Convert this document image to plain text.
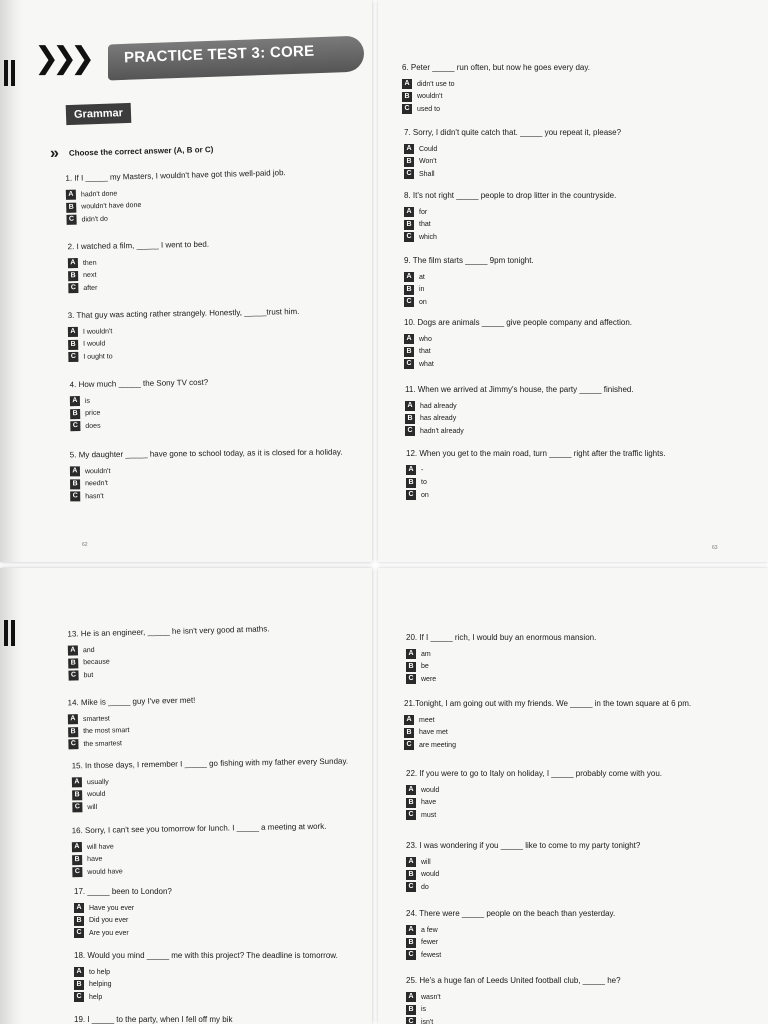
❯
❯
❯ PRACTICE TEST 3: CORE
Grammar
» Choose the correct answer (A, B or C)
1. If I _____ my Masters, I wouldn't have got this well-paid job.
A	hadn't done
B	wouldn't have done
C	didn't do
2. I watched a film, _____ I went to bed.
A	then
B	next
C	after
3. That guy was acting rather strangely. Honestly, _____trust him.
A	I wouldn't
B	I would
C	I ought to
4. How much _____ the Sony TV cost?
A	is
B	price
C	does
5. My daughter _____ have gone to school today, as it is closed for a holiday.
A	wouldn't
B	needn't
C	hasn't
62
6. Peter _____ run often, but now he goes every day.
A	didn't use to
B	wouldn't
C	used to
7. Sorry, I didn't quite catch that. _____ you repeat it, please?
A	Could
B	Won't
C	Shall
8. It's not right _____ people to drop litter in the countryside.
A	for
B	that
C	which
9. The film starts _____ 9pm tonight.
A	at
B	in
C	on
10. Dogs are animals _____ give people company and affection.
A	who
B	that
C	what
11. When we arrived at Jimmy's house, the party _____ finished.
A	had already
B	has already
C	hadn't already
12. When you get to the main road, turn _____ right after the traffic lights.
A	-
B	to
C	on
63
13. He is an engineer, _____ he isn't very good at maths.
A	and
B	because
C	but
14. Mike is _____ guy I've ever met!
A	smartest
B	the most smart
C	the smartest
15. In those days, I remember I _____ go fishing with my father every Sunday.
A	usually
B	would
C	will
16. Sorry, I can't see you tomorrow for lunch. I _____ a meeting at work.
A	will have
B	have
C	would have
17. _____ been to London?
A	Have you ever
B	Did you ever
C	Are you ever
18. Would you mind _____ me with this project? The deadline is tomorrow.
A	to help
B	helping
C	help
19. I _____ to the party, when I fell off my bik
20. If I _____ rich, I would buy an enormous mansion.
A	am
B	be
C	were
21.Tonight, I am going out with my friends. We _____ in the town square at 6 pm.
A	meet
B	have met
C	are meeting
22. If you were to go to Italy on holiday, I _____ probably come with you.
A	would
B	have
C	must
23. I was wondering if you _____ like to come to my party tonight?
A	will
B	would
C	do
24. There were _____ people on the beach than yesterday.
A	a few
B	fewer
C	fewest
25. He's a huge fan of Leeds United football club, _____ he?
A	wasn't
B	is
C	isn't
